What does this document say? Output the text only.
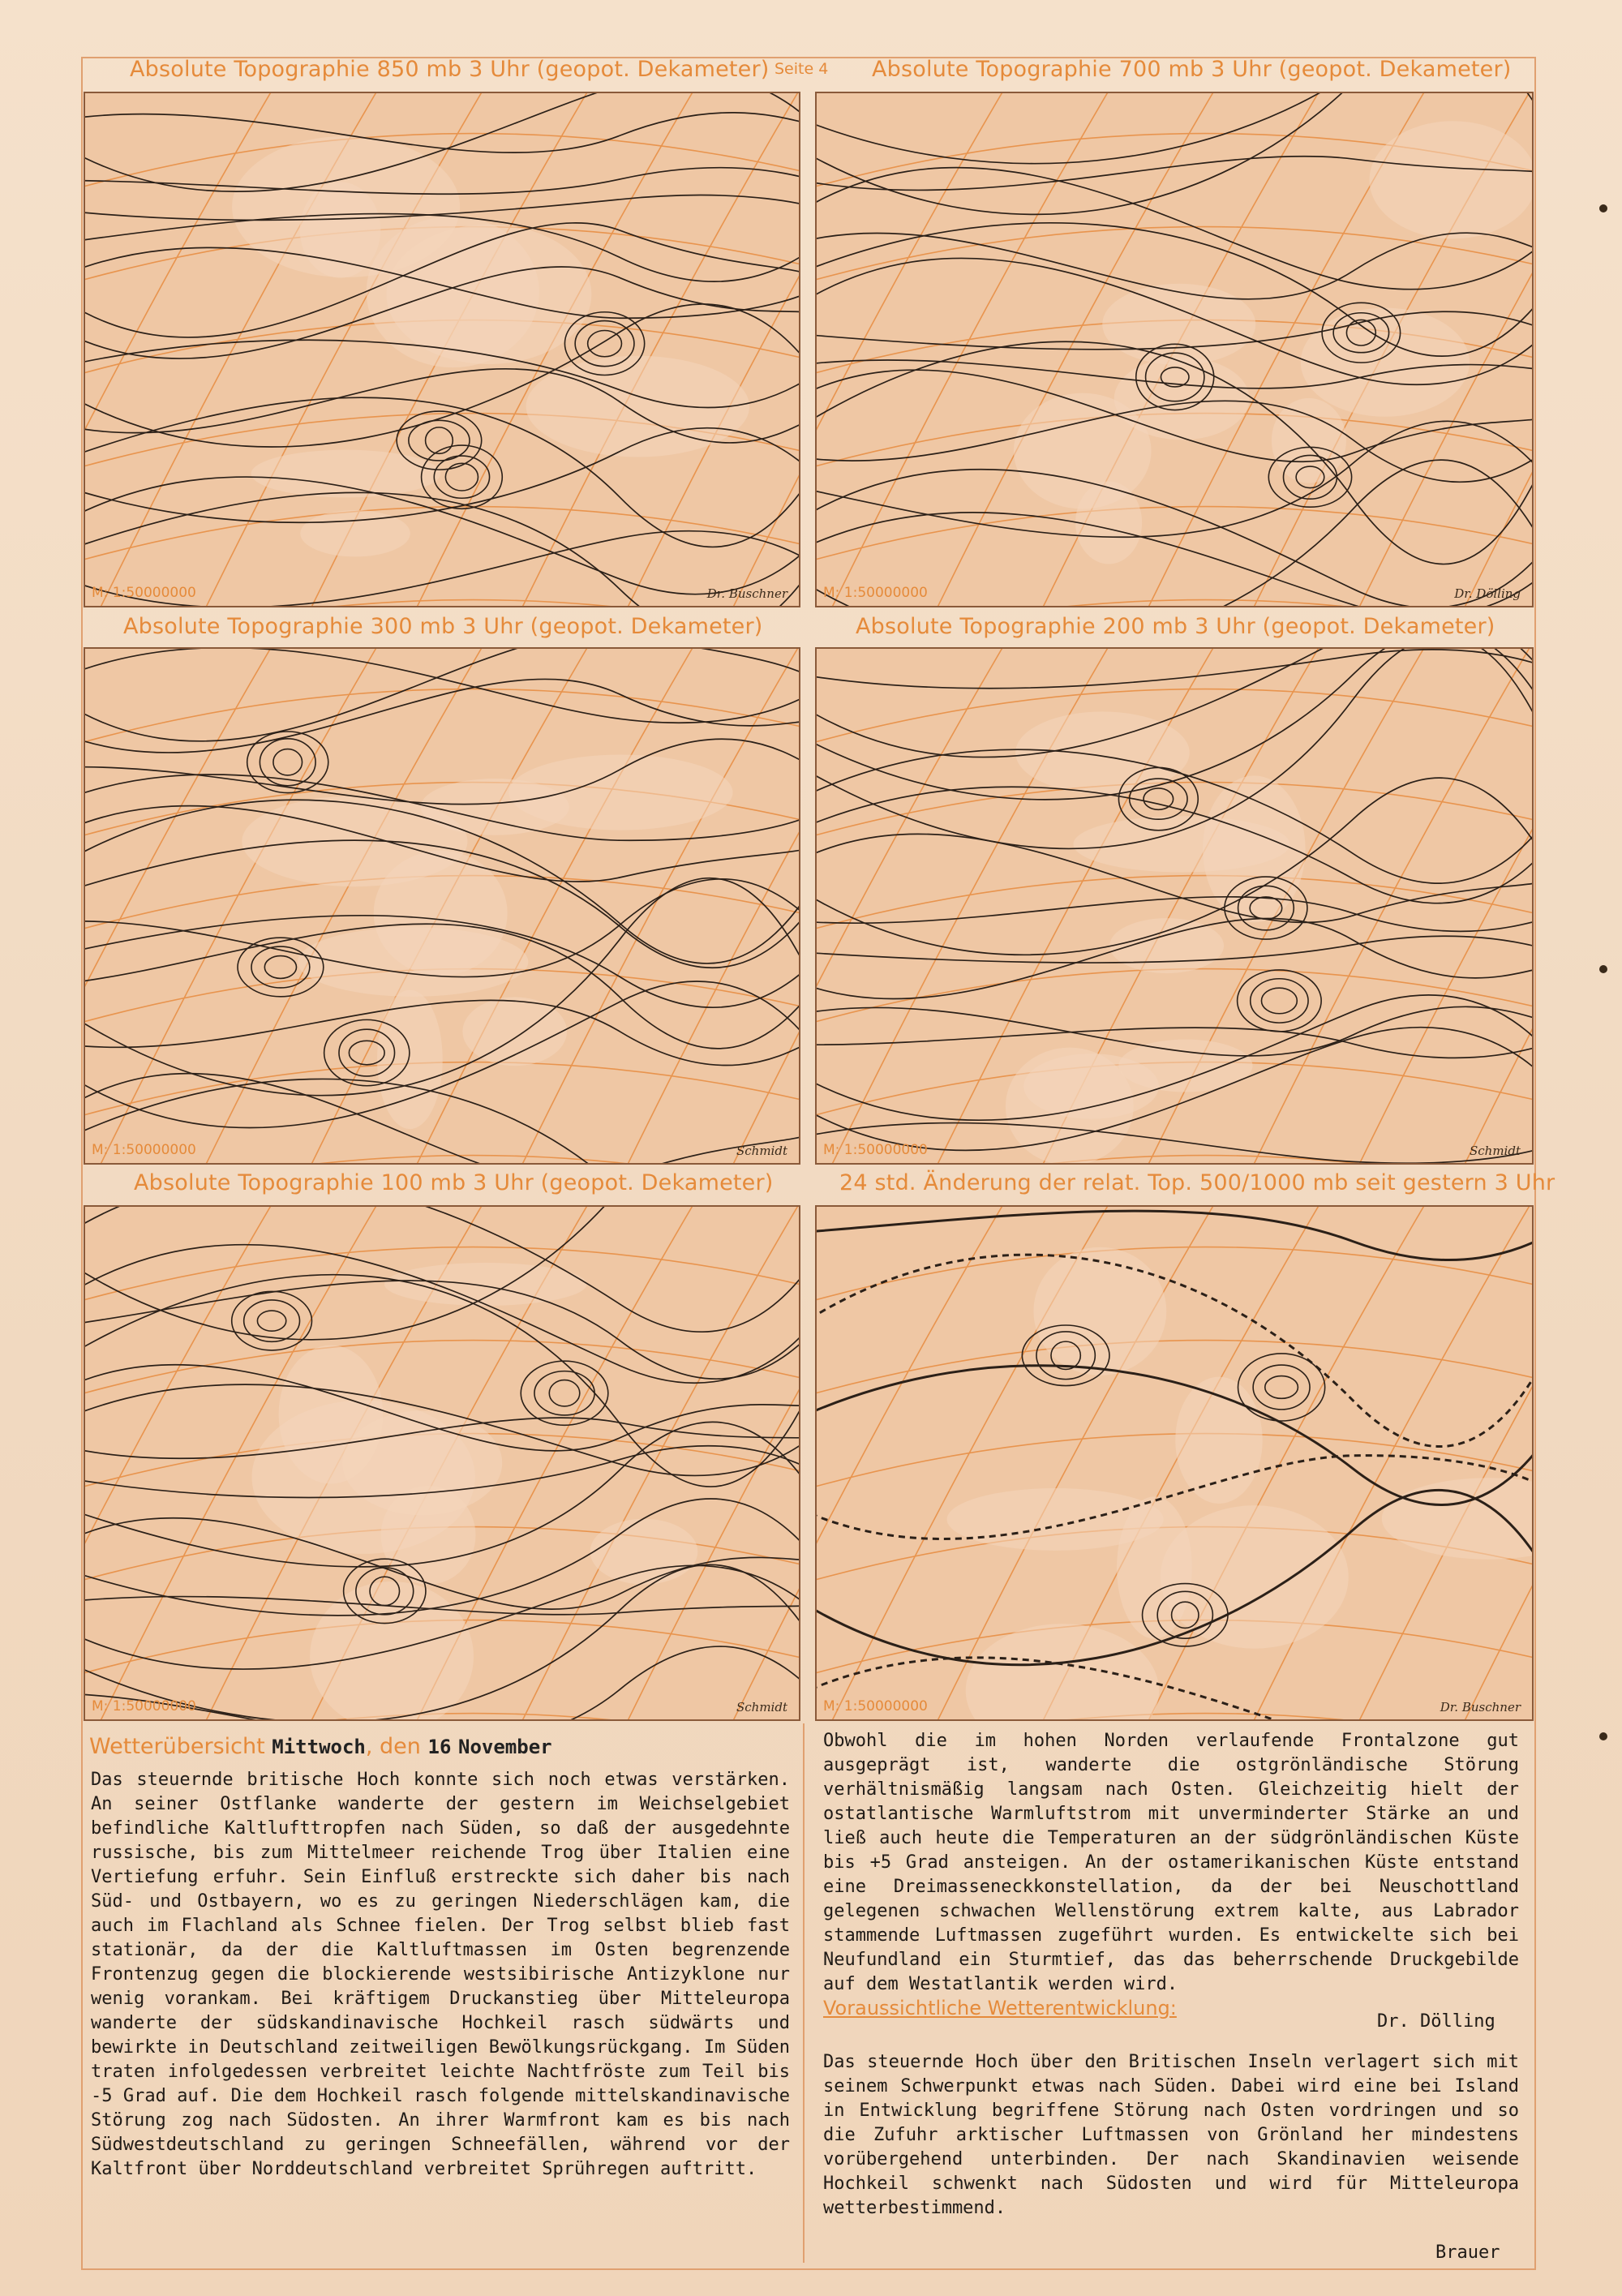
Absolute Topographie 850 mb 3 Uhr (geopot. Dekameter) Seite 4 Absolute Topographie 700 mb 3 Uhr (geopot. Dekameter)
M: 1:50000000	Dr. Buschner	M: 1:50000000	Dr. Dölling
Absolute Topographie 300 mb 3 Uhr (geopot. Dekameter)	Absolute Topographie 200 mb 3 Uhr (geopot. Dekameter)
M: 1:50000000	Schmidt	M: 1:50000000	Schmidt
Absolute Topographie 100 mb 3 Uhr (geopot. Dekameter)	24 std. Änderung der relat. Top. 500/1000 mb seit gestern 3 Uhr
M: 1:50000000	Schmidt	M: 1:50000000	Dr. Buschner
Wetterübersicht Mittwoch, den 16 November

Das steuernde britische Hoch konnte sich noch etwas verstärken. An seiner Ostflanke wanderte der gestern im Weichselgebiet befindliche Kaltlufttropfen nach Süden, so daß der ausgedehnte russische, bis zum Mittelmeer reichende Trog über Italien eine Vertiefung erfuhr. Sein Einfluß erstreckte sich daher bis nach Süd- und Ostbayern, wo es zu geringen Niederschlägen kam, die auch im Flachland als Schnee fielen. Der Trog selbst blieb fast stationär, da der die Kaltluftmassen im Osten begrenzende Frontenzug gegen die blockierende westsibirische Antizyklone nur wenig vorankam. Bei kräftigem Druckanstieg über Mitteleuropa wanderte der südskandinavische Hochkeil rasch südwärts und bewirkte in Deutschland zeitweiligen Bewölkungsrückgang. Im Süden traten infolgedessen verbreitet leichte Nachtfröste zum Teil bis -5 Grad auf. Die dem Hochkeil rasch folgende mittelskandinavische Störung zog nach Südosten. An ihrer Warmfront kam es bis nach Südwestdeutschland zu geringen Schneefällen, während vor der Kaltfront über Norddeutschland verbreitet Sprühregen auftritt.

Obwohl die im hohen Norden verlaufende Frontalzone gut ausgeprägt ist, wanderte die ostgrönländische Störung verhältnismäßig langsam nach Osten. Gleichzeitig hielt der ostatlantische Warmluftstrom mit unverminderter Stärke an und ließ auch heute die Temperaturen an der südgrönländischen Küste bis +5 Grad ansteigen. An der ostamerikanischen Küste entstand eine Dreimasseneckkonstellation, da der bei Neuschottland gelegenen schwachen Wellenstörung extrem kalte, aus Labrador stammende Luftmassen zugeführt wurden. Es entwickelte sich bei Neufundland ein Sturmtief, das das beherrschende Druckgebilde auf dem Westatlantik werden wird.

Dr. Dölling
Voraussichtliche Wetterentwicklung:

Das steuernde Hoch über den Britischen Inseln verlagert sich mit seinem Schwerpunkt etwas nach Süden. Dabei wird eine bei Island in Entwicklung begriffene Störung nach Osten vordringen und so die Zufuhr arktischer Luftmassen von Grönland her mindestens vorübergehend unterbinden. Der nach Skandinavien weisende Hochkeil schwenkt nach Südosten und wird für Mitteleuropa wetterbestimmend.

Brauer
